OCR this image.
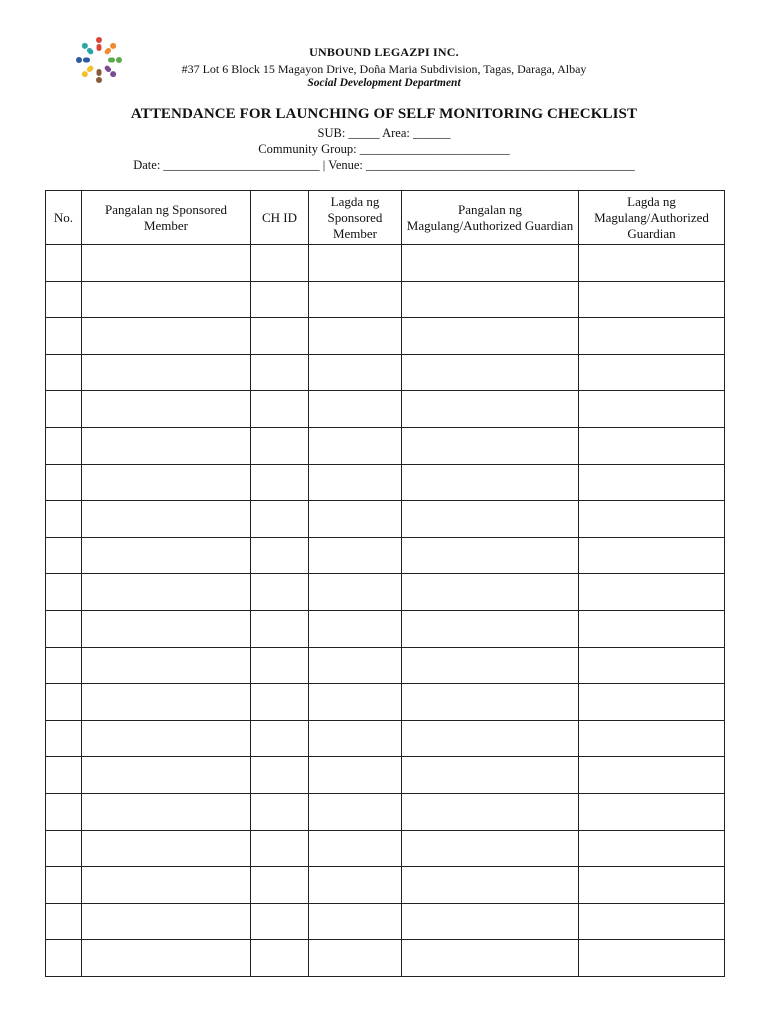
UNBOUND LEGAZPI INC.
#37 Lot 6 Block 15 Magayon Drive, Doña Maria Subdivision, Tagas, Daraga, Albay
Social Development Department
ATTENDANCE FOR LAUNCHING OF SELF MONITORING CHECKLIST
SUB: _____ Area: ______
Community Group: ________________________
Date: _________________________ | Venue: ___________________________________________
No.	Pangalan ng Sponsored Member	CH ID	Lagda ng Sponsored Member	Pangalan ng Magulang/Authorized Guardian	Lagda ng Magulang/Authorized Guardian
